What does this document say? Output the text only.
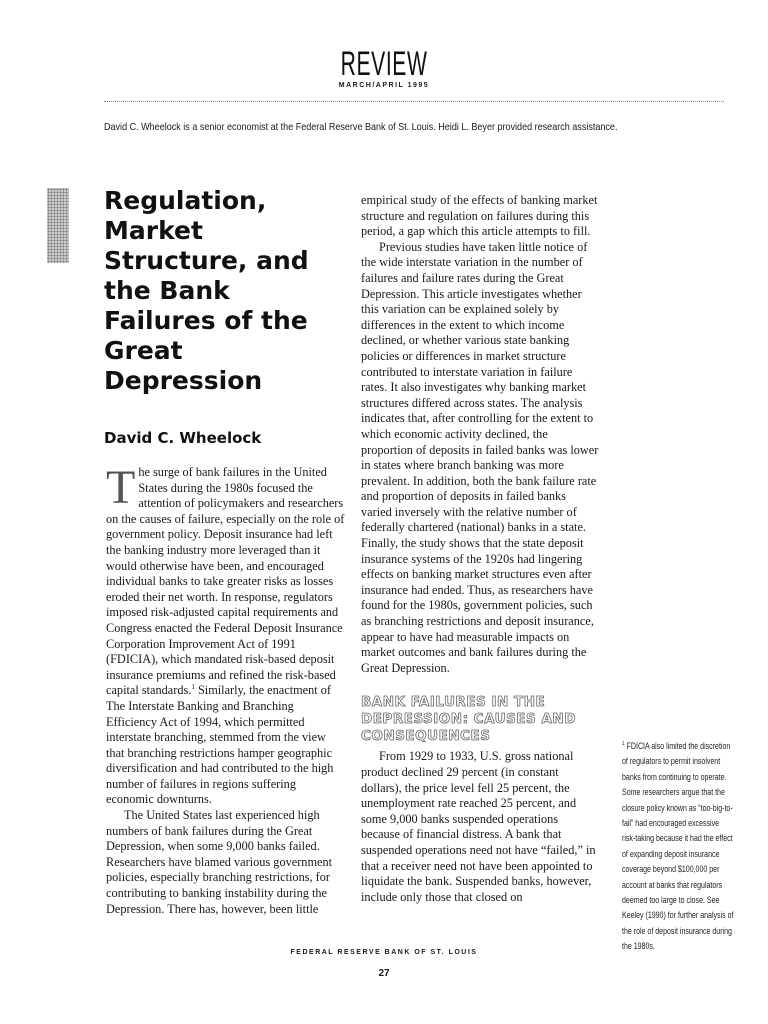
REVIEW
MARCH/APRIL 1995
David C. Wheelock is a senior economist at the Federal Reserve Bank of St. Louis. Heidi L. Beyer provided research assistance.
Regulation, Market Structure, and the Bank Failures of the Great Depression
David C. Wheelock

The surge of bank failures in the United States during the 1980s focused the attention of policymakers and researchers on the causes of failure, especially on the role of government policy. Deposit insurance had left the banking industry more leveraged than it would otherwise have been, and encouraged individual banks to take greater risks as losses eroded their net worth. In response, regulators imposed risk-adjusted capital requirements and Congress enacted the Federal Deposit Insurance Corporation Improvement Act of 1991 (FDICIA), which mandated risk-based deposit insurance premiums and refined the risk-based capital standards.$^1$ Similarly, the enactment of The Interstate Banking and Branching Efficiency Act of 1994, which permitted interstate branching, stemmed from the view that branching restrictions hamper geographic diversification and had contributed to the high number of failures in regions suffering economic downturns.

The United States last experienced high numbers of bank failures during the Great Depression, when some 9,000 banks failed. Researchers have blamed various government policies, especially branching restrictions, for contributing to banking instability during the Depression. There has, however, been little

empirical study of the effects of banking market structure and regulation on failures during this period, a gap which this article attempts to fill.

Previous studies have taken little notice of the wide interstate variation in the number of failures and failure rates during the Great Depression. This article investigates whether this variation can be explained solely by differences in the extent to which income declined, or whether various state banking policies or differences in market structure contributed to interstate variation in failure rates. It also investigates why banking market structures differed across states. The analysis indicates that, after controlling for the extent to which economic activity declined, the proportion of deposits in failed banks was lower in states where branch banking was more prevalent. In addition, both the bank failure rate and proportion of deposits in failed banks varied inversely with the relative number of federally chartered (national) banks in a state. Finally, the study shows that the state deposit insurance systems of the 1920s had lingering effects on banking market structures even after insurance had ended. Thus, as researchers have found for the 1980s, government policies, such as branching restrictions and deposit insurance, appear to have had measurable impacts on market outcomes and bank failures during the Great Depression.

BANK FAILURES IN THE DEPRESSION: CAUSES AND CONSEQUENCES

From 1929 to 1933, U.S. gross national product declined 29 percent (in constant dollars), the price level fell 25 percent, the unemployment rate reached 25 percent, and some 9,000 banks suspended operations because of financial distress. A bank that suspended operations need not have “failed,” in that a receiver need not have been appointed to liquidate the bank. Suspended banks, however, include only those that closed on

$^1$ FDICIA also limited the discretion of regulators to permit insolvent banks from continuing to operate. Some researchers argue that the closure policy known as “too-big-to-fail” had encouraged excessive risk-taking because it had the effect of expanding deposit insurance coverage beyond $100,000 per account at banks that regulators deemed too large to close. See Keeley (1990) for further analysis of the role of deposit insurance during the 1980s.
FEDERAL RESERVE BANK OF ST. LOUIS
27
